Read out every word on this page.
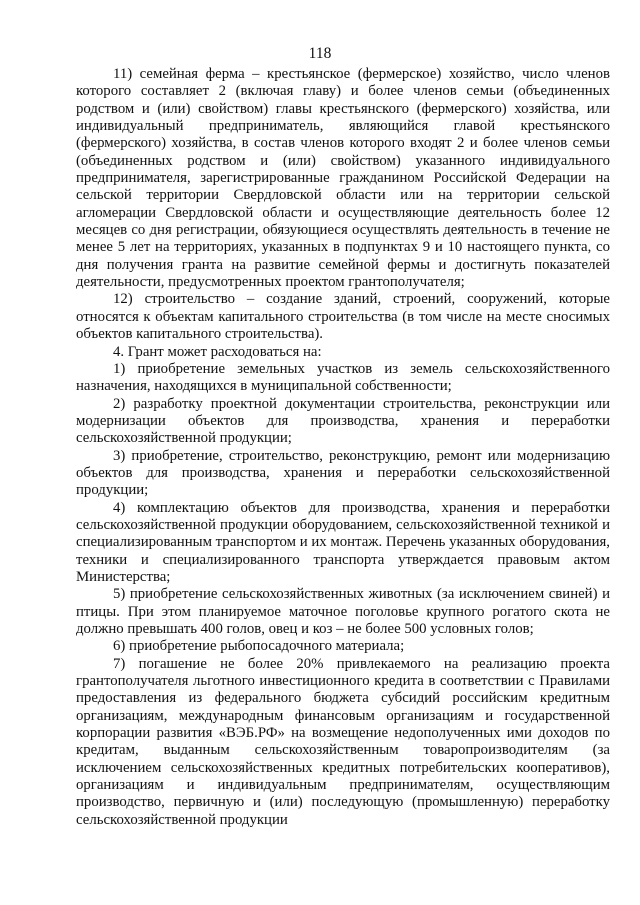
118

11) семейная ферма – крестьянское (фермерское) хозяйство, число членов которого составляет 2 (включая главу) и более членов семьи (объединенных родством и (или) свойством) главы крестьянского (фермерского) хозяйства, или индивидуальный предприниматель, являющийся главой крестьянского (фермерского) хозяйства, в состав членов которого входят 2 и более членов семьи (объединенных родством и (или) свойством) указанного индивидуального предпринимателя, зарегистрированные гражданином Российской Федерации на сельской территории Свердловской области или на территории сельской агломерации Свердловской области и осуществляющие деятельность более 12 месяцев со дня регистрации, обязующиеся осуществлять деятельность в течение не менее 5 лет на территориях, указанных в подпунктах 9 и 10 настоящего пункта, со дня получения гранта на развитие семейной фермы и достигнуть показателей деятельности, предусмотренных проектом грантополучателя;

12) строительство – создание зданий, строений, сооружений, которые относятся к объектам капитального строительства (в том числе на месте сносимых объектов капитального строительства).

4. Грант может расходоваться на:

1) приобретение земельных участков из земель сельскохозяйственного назначения, находящихся в муниципальной собственности;

2) разработку проектной документации строительства, реконструкции или модернизации объектов для производства, хранения и переработки сельскохозяйственной продукции;

3) приобретение, строительство, реконструкцию, ремонт или модернизацию объектов для производства, хранения и переработки сельскохозяйственной продукции;

4) комплектацию объектов для производства, хранения и переработки сельскохозяйственной продукции оборудованием, сельскохозяйственной техникой и специализированным транспортом и их монтаж. Перечень указанных оборудования, техники и специализированного транспорта утверждается правовым актом Министерства;

5) приобретение сельскохозяйственных животных (за исключением свиней) и птицы. При этом планируемое маточное поголовье крупного рогатого скота не должно превышать 400 голов, овец и коз – не более 500 условных голов;

6) приобретение рыбопосадочного материала;

7) погашение не более 20% привлекаемого на реализацию проекта грантополучателя льготного инвестиционного кредита в соответствии с Правилами предоставления из федерального бюджета субсидий российским кредитным организациям, международным финансовым организациям и государственной корпорации развития «ВЭБ.РФ» на возмещение недополученных ими доходов по кредитам, выданным сельскохозяйственным товаропроизводителям (за исключением сельскохозяйственных кредитных потребительских кооперативов), организациям и индивидуальным предпринимателям, осуществляющим производство, первичную и (или) последующую (промышленную) переработку сельскохозяйственной продукции
